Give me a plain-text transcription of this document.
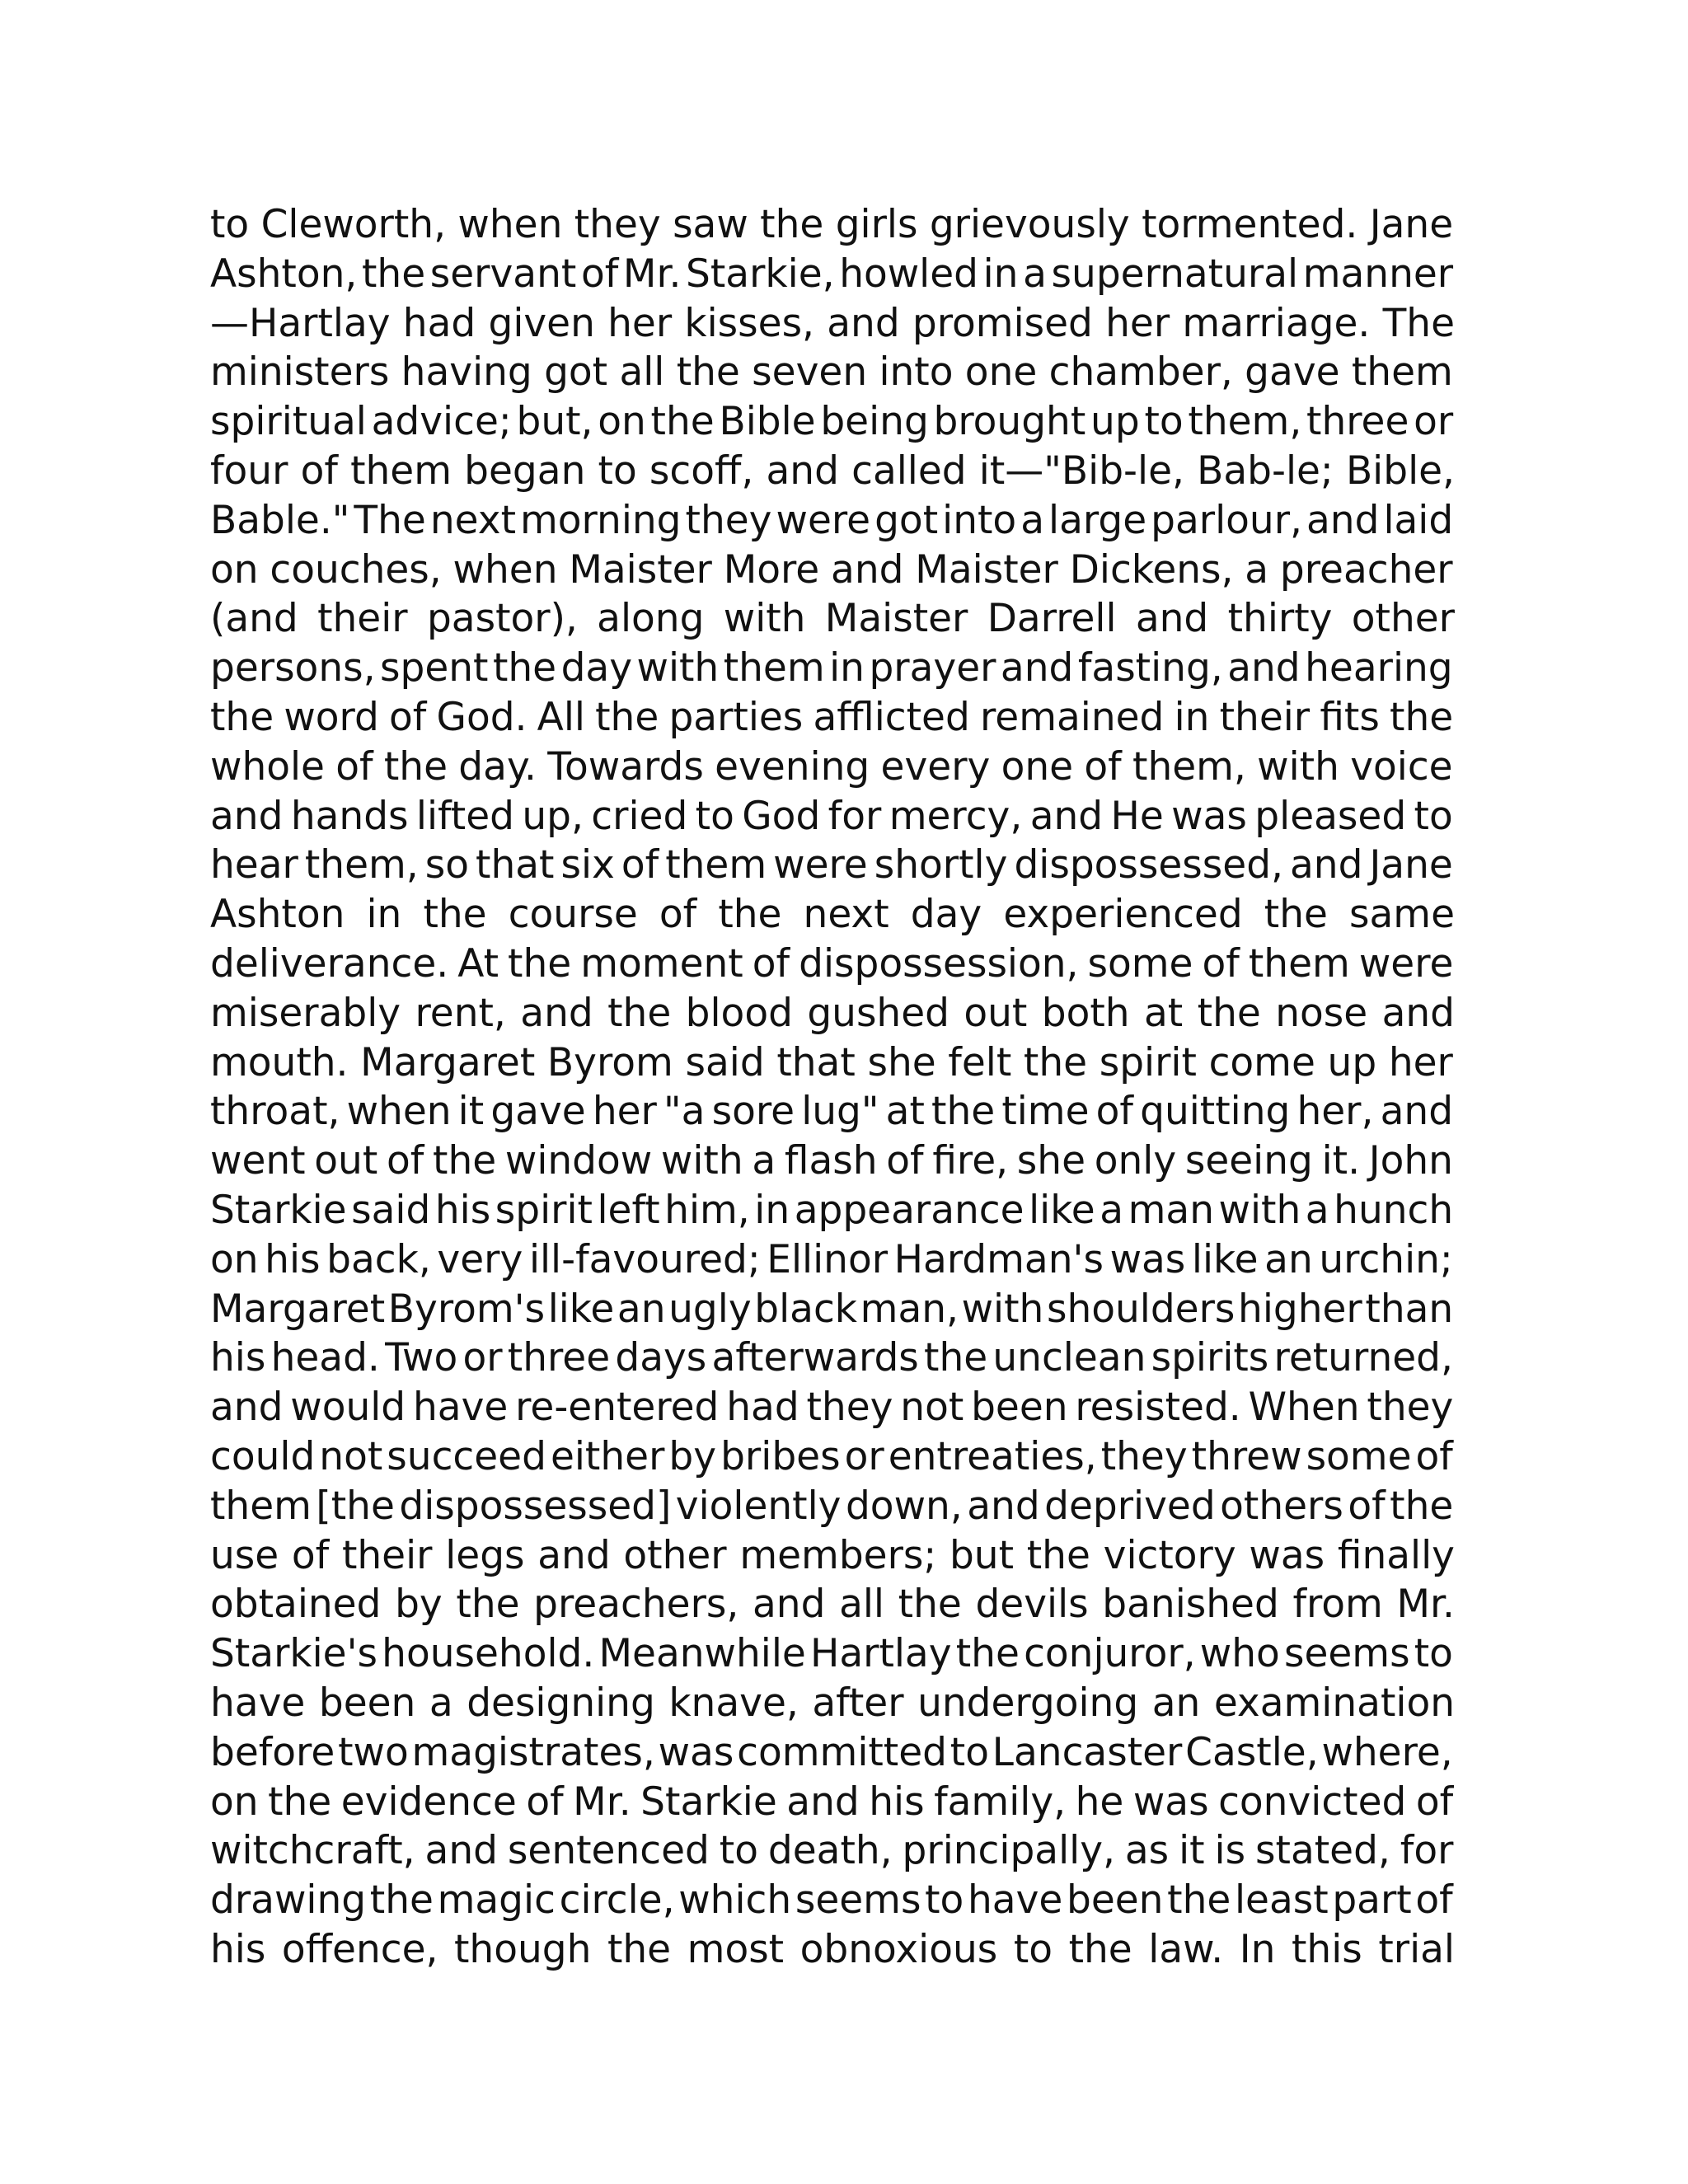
to Cleworth, when they saw the girls grievously tormented. Jane
Ashton, the servant of Mr. Starkie, howled in a supernatural manner
—Hartlay had given her kisses, and promised her marriage. The
ministers having got all the seven into one chamber, gave them
spiritual advice; but, on the Bible being brought up to them, three or
four of them began to scoff, and called it—"Bib-le, Bab-le; Bible,
Bable." The next morning they were got into a large parlour, and laid
on couches, when Maister More and Maister Dickens, a preacher
(and their pastor), along with Maister Darrell and thirty other
persons, spent the day with them in prayer and fasting, and hearing
the word of God. All the parties afflicted remained in their fits the
whole of the day. Towards evening every one of them, with voice
and hands lifted up, cried to God for mercy, and He was pleased to
hear them, so that six of them were shortly dispossessed, and Jane
Ashton in the course of the next day experienced the same
deliverance. At the moment of dispossession, some of them were
miserably rent, and the blood gushed out both at the nose and
mouth. Margaret Byrom said that she felt the spirit come up her
throat, when it gave her "a sore lug" at the time of quitting her, and
went out of the window with a flash of fire, she only seeing it. John
Starkie said his spirit left him, in appearance like a man with a hunch
on his back, very ill-favoured; Ellinor Hardman's was like an urchin;
Margaret Byrom's like an ugly black man, with shoulders higher than
his head. Two or three days afterwards the unclean spirits returned,
and would have re-entered had they not been resisted. When they
could not succeed either by bribes or entreaties, they threw some of
them [the dispossessed] violently down, and deprived others of the
use of their legs and other members; but the victory was finally
obtained by the preachers, and all the devils banished from Mr.
Starkie's household. Meanwhile Hartlay the conjuror, who seems to
have been a designing knave, after undergoing an examination
before two magistrates, was committed to Lancaster Castle, where,
on the evidence of Mr. Starkie and his family, he was convicted of
witchcraft, and sentenced to death, principally, as it is stated, for
drawing the magic circle, which seems to have been the least part of
his offence, though the most obnoxious to the law. In this trial
